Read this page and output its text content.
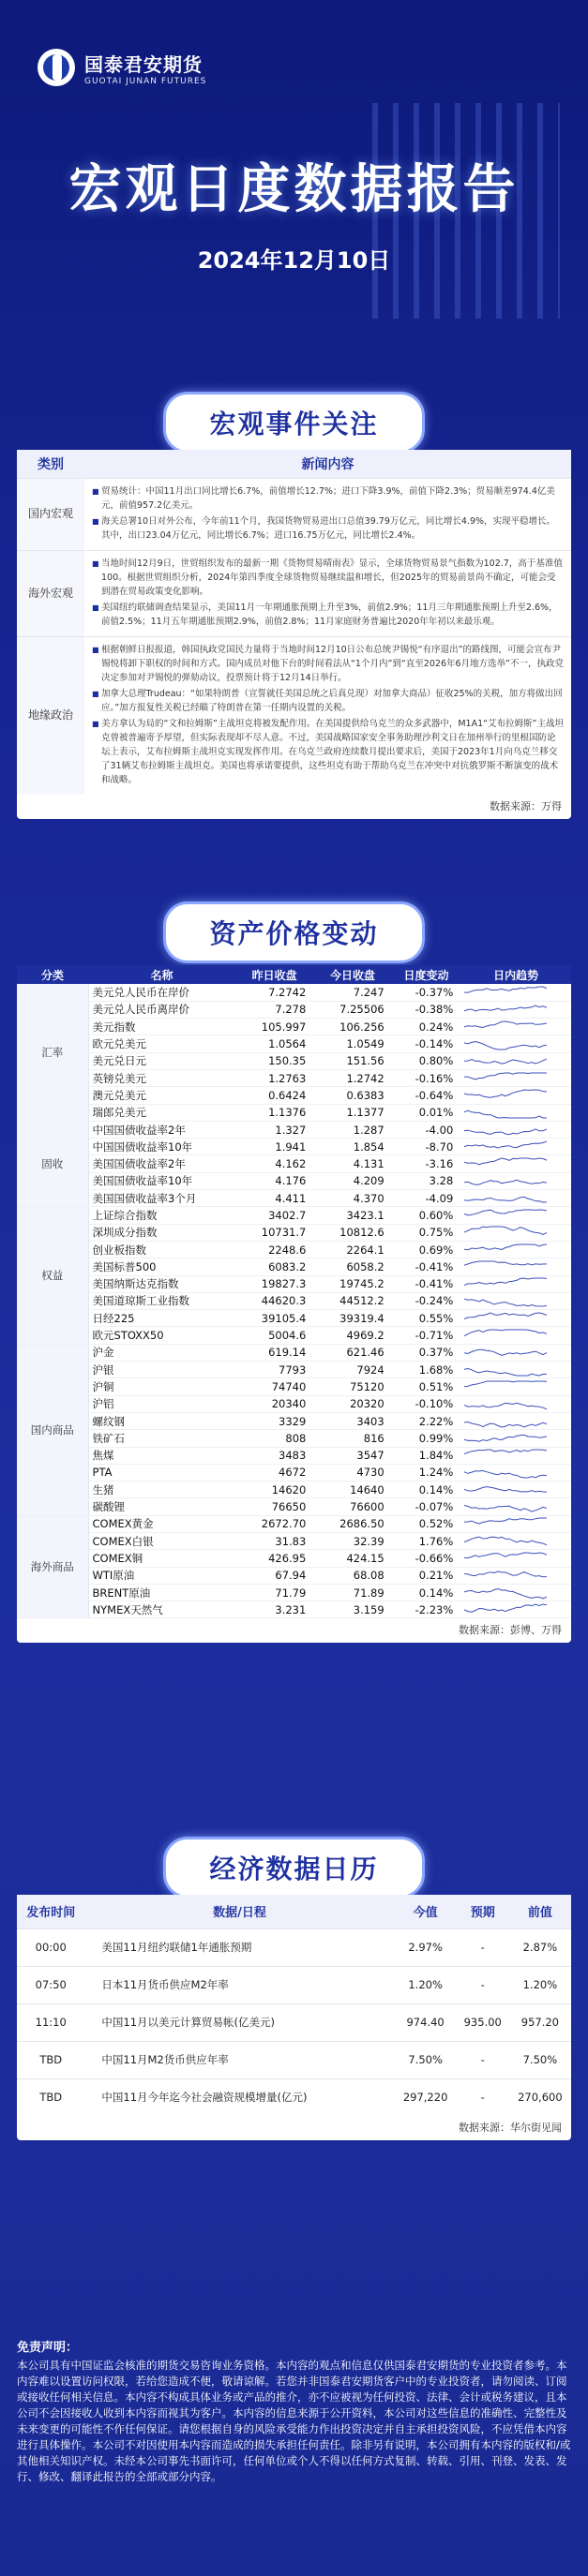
国泰君安期货
GUOTAI JUNAN FUTURES
宏观日度数据报告
2024年12月10日
宏观事件关注
类别	新闻内容
国内宏观	■ 贸易统计：中国11月出口同比增长6.7%，前值增长12.7%；进口下降3.9%，前值下降2.3%；贸易顺差974.4亿美元，前值957.2亿美元。
■ 海关总署10日对外公布，今年前11个月，我国货物贸易进出口总值39.79万亿元，同比增长4.9%，实现平稳增长。其中，出口23.04万亿元，同比增长6.7%；进口16.75万亿元，同比增长2.4%。

海外宏观	■ 当地时间12月9日，世贸组织发布的最新一期《货物贸易晴雨表》显示，全球货物贸易景气指数为102.7，高于基准值100。根据世贸组织分析，2024年第四季度全球货物贸易继续温和增长，但2025年的贸易前景尚不确定，可能会受到潜在贸易政策变化影响。
■ 美国纽约联储调查结果显示，美国11月一年期通胀预期上升至3%，前值2.9%；11月三年期通胀预期上升至2.6%，前值2.5%；11月五年期通胀预期2.9%，前值2.8%；11月家庭财务普遍比2020年年初以来最乐观。

地缘政治	■ 根据朝鲜日报报道，韩国执政党国民力量将于当地时间12月10日公布总统尹锡悦“有序退出”的路线图，可能会宣布尹锡悦将卸下职权的时间和方式。国内成员对他下台的时间看法从“1个月内”到“直至2026年6月地方选举”不一，执政党决定参加对尹锡悦的弹劾动议，投票预计将于12月14日举行。
■ 加拿大总理Trudeau：“如果特朗普（宣誓就任美国总统之后真兑现）对加拿大商品）征收25%的关税，加方将做出回应。”加方报复性关税已经瞄了特朗普在第一任期内设置的关税。
■ 美方拿认为局的“文和拉姆斯”主战坦克将被发配作用。在美国提供给乌克兰的众多武器中，M1A1“艾布拉姆斯”主战坦克曾被普遍寄予厚望，但实际表现却不尽人意。不过，美国战略国家安全事务助理沙利文日在加州举行的里根国防论坛上表示，艾布拉姆斯主战坦克实现发挥作用。在乌克兰政府连续数月提出要求后，美国于2023年1月向乌克兰移交了31辆艾布拉姆斯主战坦克。美国也将承诺要提供，这些坦克有助于帮助乌克兰在冲突中对抗俄罗斯不断演变的战术和战略。
数据来源：万得
资产价格变动
分类	名称	昨日收盘	今日收盘	日度变动	日内趋势
汇率	美元兑人民币在岸价	7.2742	7.247	-0.37%	

	美元兑人民币离岸价	7.278	7.25506	-0.38%	

	美元指数	105.997	106.256	0.24%	

	欧元兑美元	1.0564	1.0549	-0.14%	

	美元兑日元	150.35	151.56	0.80%	

	英镑兑美元	1.2763	1.2742	-0.16%	

	澳元兑美元	0.6424	0.6383	-0.64%	

	瑞郎兑美元	1.1376	1.1377	0.01%	

固收	中国国债收益率2年	1.327	1.287	-4.00	

	中国国债收益率10年	1.941	1.854	-8.70	

	美国国债收益率2年	4.162	4.131	-3.16	

	美国国债收益率10年	4.176	4.209	3.28	

	美国国债收益率3个月	4.411	4.370	-4.09	

权益	上证综合指数	3402.7	3423.1	0.60%	

	深圳成分指数	10731.7	10812.6	0.75%	

	创业板指数	2248.6	2264.1	0.69%	

	美国标普500	6083.2	6058.2	-0.41%	

	美国纳斯达克指数	19827.3	19745.2	-0.41%	

	美国道琼斯工业指数	44620.3	44512.2	-0.24%	

	日经225	39105.4	39319.4	0.55%	

	欧元STOXX50	5004.6	4969.2	-0.71%	

国内商品	沪金	619.14	621.46	0.37%	

	沪银	7793	7924	1.68%	

	沪铜	74740	75120	0.51%	

	沪铝	20340	20320	-0.10%	

	螺纹钢	3329	3403	2.22%	

	铁矿石	808	816	0.99%	

	焦煤	3483	3547	1.84%	

	PTA	4672	4730	1.24%	

	生猪	14620	14640	0.14%	

	碳酸锂	76650	76600	-0.07%	

海外商品	COMEX黄金	2672.70	2686.50	0.52%	

	COMEX白银	31.83	32.39	1.76%	

	COMEX铜	426.95	424.15	-0.66%	

	WTI原油	67.94	68.08	0.21%	

	BRENT原油	71.79	71.89	0.14%	

	NYMEX天然气	3.231	3.159	-2.23%	
数据来源：彭博、万得
经济数据日历
发布时间	数据/日程	今值	预期	前值
00:00	美国11月纽约联储1年通胀预期	2.97%	-	2.87%
07:50	日本11月货币供应M2年率	1.20%	-	1.20%
11:10	中国11月以美元计算贸易帐(亿美元)	974.40	935.00	957.20
TBD	中国11月M2货币供应年率	7.50%	-	7.50%
TBD	中国11月今年迄今社会融资规模增量(亿元)	297,220	-	270,600
数据来源：华尔街见闻
免责声明：
本公司具有中国证监会核准的期货交易咨询业务资格。本内容的观点和信息仅供国泰君安期货的专业投资者参考。本内容难以设置访问权限，若给您造成不便，敬请谅解。若您并非国泰君安期货客户中的专业投资者，请勿阅读、订阅或接收任何相关信息。本内容不构成具体业务或产品的推介，亦不应被视为任何投资、法律、会计或税务建议，且本公司不会因接收人收到本内容而视其为客户。本内容的信息来源于公开资料，本公司对这些信息的准确性、完整性及未来变更的可能性不作任何保证。请您根据自身的风险承受能力作出投资决定并自主承担投资风险，不应凭借本内容进行具体操作。本公司不对因使用本内容而造成的损失承担任何责任。除非另有说明，本公司拥有本内容的版权和/或其他相关知识产权。未经本公司事先书面许可，任何单位或个人不得以任何方式复制、转载、引用、刊登、发表、发行、修改、翻译此报告的全部或部分内容。
